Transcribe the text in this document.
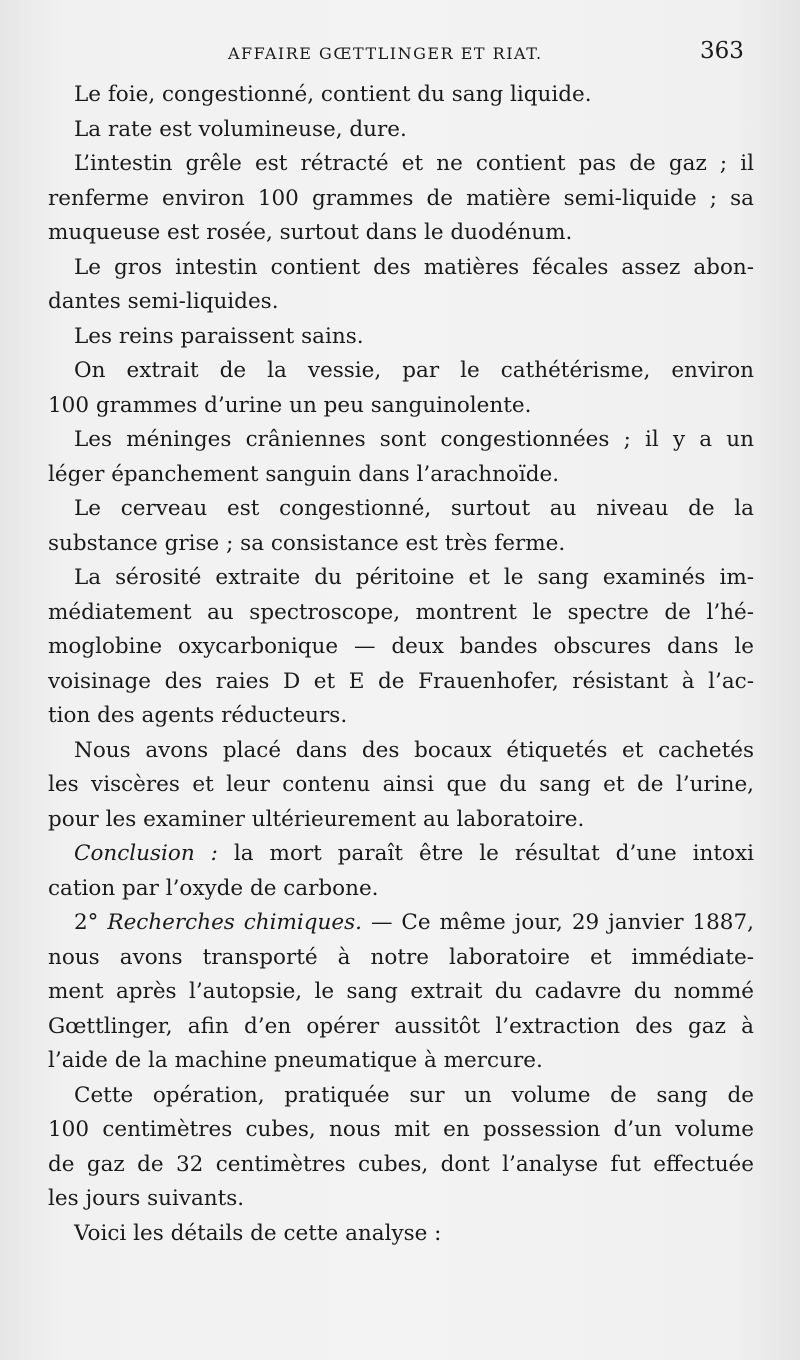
AFFAIRE GŒTTLINGER ET RIAT.	363
Le foie, congestionné, contient du sang liquide.
La rate est volumineuse, dure.
L’intestin grêle est rétracté et ne contient pas de gaz ; il
renferme environ 100 grammes de matière semi-liquide ; sa
muqueuse est rosée, surtout dans le duodénum.
Le gros intestin contient des matières fécales assez abon-
dantes semi-liquides.
Les reins paraissent sains.
On extrait de la vessie, par le cathétérisme, environ
100 grammes d’urine un peu sanguinolente.
Les méninges crâniennes sont congestionnées ; il y a un
léger épanchement sanguin dans l’arachnoïde.
Le cerveau est congestionné, surtout au niveau de la
substance grise ; sa consistance est très ferme.
La sérosité extraite du péritoine et le sang examinés im-
médiatement au spectroscope, montrent le spectre de l’hé-
moglobine oxycarbonique — deux bandes obscures dans le
voisinage des raies D et E de Frauenhofer, résistant à l’ac-
tion des agents réducteurs.
Nous avons placé dans des bocaux étiquetés et cachetés
les viscères et leur contenu ainsi que du sang et de l’urine,
pour les examiner ultérieurement au laboratoire.
Conclusion : la mort paraît être le résultat d’une intoxi
cation par l’oxyde de carbone.
2° Recherches chimiques. — Ce même jour, 29 janvier 1887,
nous avons transporté à notre laboratoire et immédiate-
ment après l’autopsie, le sang extrait du cadavre du nommé
Gœttlinger, afin d’en opérer aussitôt l’extraction des gaz à
l’aide de la machine pneumatique à mercure.
Cette opération, pratiquée sur un volume de sang de
100 centimètres cubes, nous mit en possession d’un volume
de gaz de 32 centimètres cubes, dont l’analyse fut effectuée
les jours suivants.
Voici les détails de cette analyse :
